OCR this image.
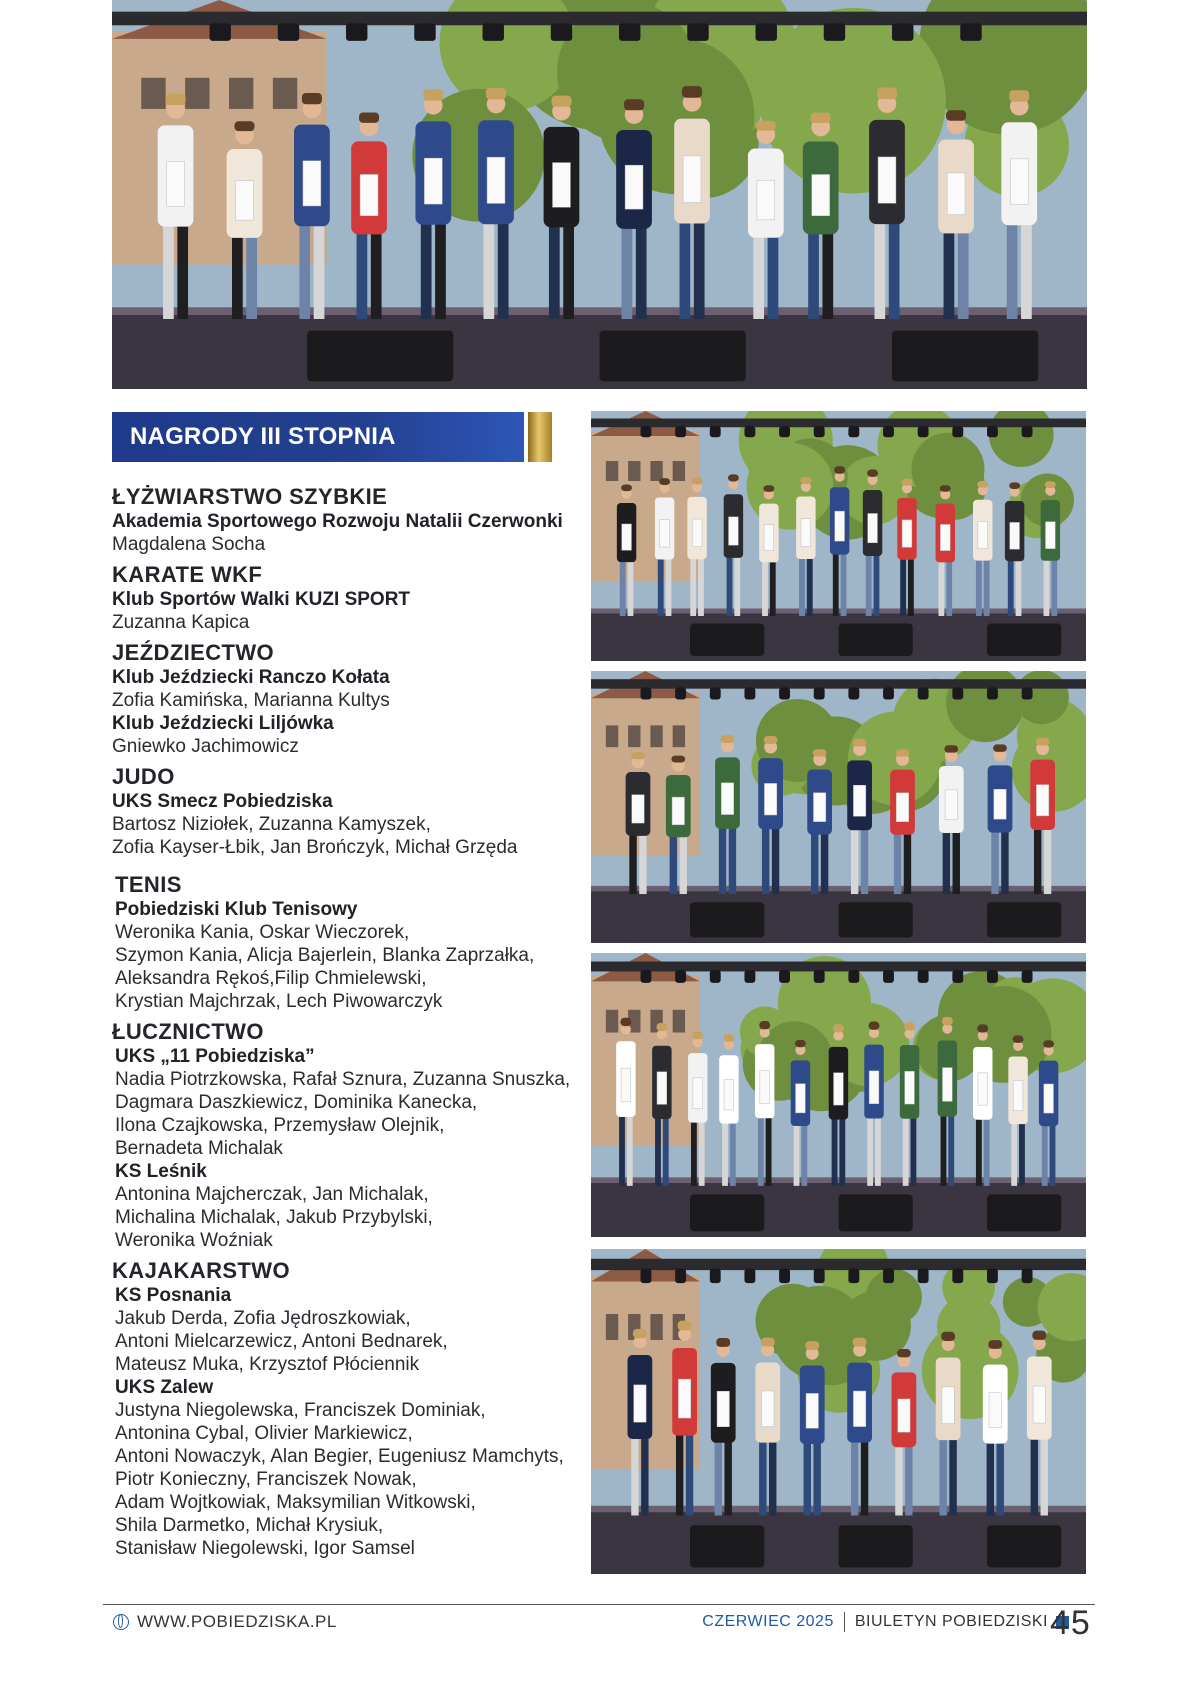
NAGRODY III STOPNIA
ŁYŻWIARSTWO SZYBKIE
Akademia Sportowego Rozwoju Natalii Czerwonki
Magdalena Socha
KARATE WKF
Klub Sportów Walki KUZI SPORT
Zuzanna Kapica
JEŹDZIECTWO
Klub Jeździecki Ranczo Kołata
Zofia Kamińska, Marianna Kultys
Klub Jeździecki Liljówka
Gniewko Jachimowicz
JUDO
UKS Smecz Pobiedziska
Bartosz Niziołek, Zuzanna Kamyszek,
Zofia Kayser-Łbik, Jan Brończyk, Michał Grzęda
TENIS
Pobiedziski Klub Tenisowy
Weronika Kania, Oskar Wieczorek,
Szymon Kania, Alicja Bajerlein, Blanka Zaprzałka,
Aleksandra Rękoś,Filip Chmielewski,
Krystian Majchrzak, Lech Piwowarczyk
ŁUCZNICTWO
UKS „11 Pobiedziska”
Nadia Piotrzkowska, Rafał Sznura, Zuzanna Snuszka,
Dagmara Daszkiewicz, Dominika Kanecka,
Ilona Czajkowska, Przemysław Olejnik,
Bernadeta Michalak
KS Leśnik
Antonina Majcherczak, Jan Michalak,
Michalina Michalak, Jakub Przybylski,
Weronika Woźniak
KAJAKARSTWO
KS Posnania
Jakub Derda, Zofia Jędroszkowiak,
Antoni Mielcarzewicz, Antoni Bednarek,
Mateusz Muka, Krzysztof Płóciennik
UKS Zalew
Justyna Niegolewska, Franciszek Dominiak,
Antonina Cybal, Olivier Markiewicz,
Antoni Nowaczyk, Alan Begier, Eugeniusz Mamchyts,
Piotr Konieczny, Franciszek Nowak,
Adam Wojtkowiak, Maksymilian Witkowski,
Shila Darmetko, Michał Krysiuk,
Stanisław Niegolewski, Igor Samsel
WWW.POBIEDZISKA.PL	CZERWIEC 2025 BIULETYN POBIEDZISKI 45
